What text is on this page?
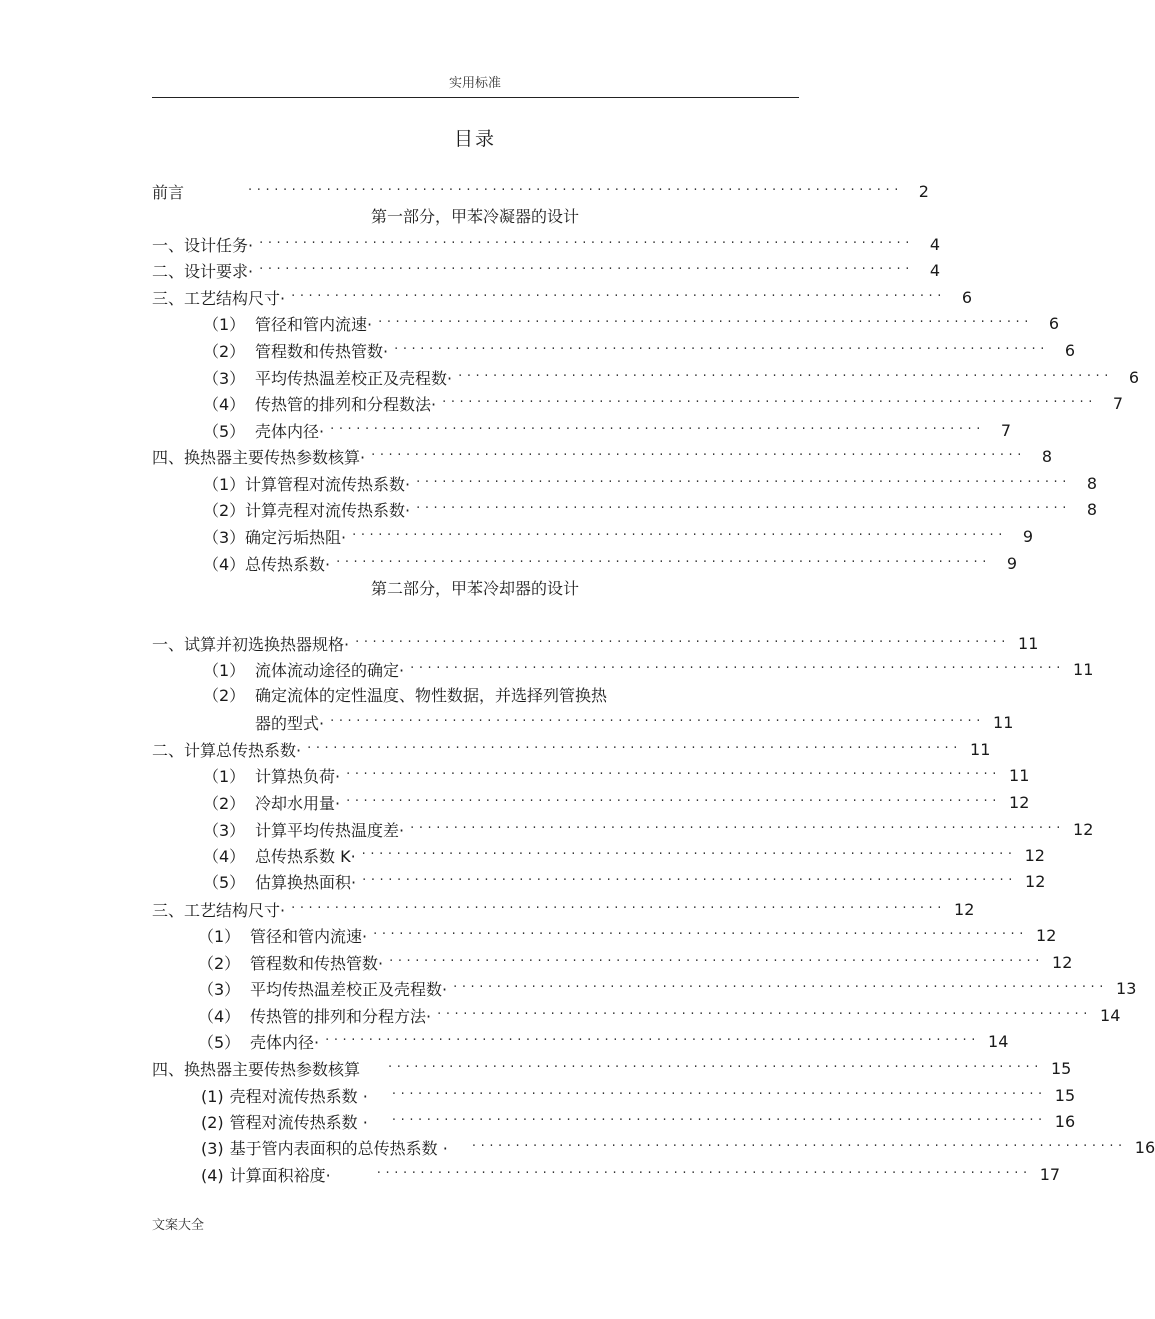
实用标准
目录
前言	··········································································· 2
第一部分，甲苯冷凝器的设计
一、设计任务· ··········································································· 4
二、设计要求· ··········································································· 4
三、工艺结构尺寸· ··········································································· 6
（1） 管径和管内流速· ··········································································· 6
（2） 管程数和传热管数· ··········································································· 6
（3） 平均传热温差校正及壳程数· ··········································································· 6
（4） 传热管的排列和分程数法· ··········································································· 7
（5） 壳体内径· ··········································································· 7
四、换热器主要传热参数核算· ··········································································· 8
（1）计算管程对流传热系数· ··········································································· 8
（2）计算壳程对流传热系数· ··········································································· 8
（3）确定污垢热阻· ··········································································· 9
（4）总传热系数· ··········································································· 9
第二部分，甲苯冷却器的设计
一、试算并初选换热器规格· ··········································································· 11
（1） 流体流动途径的确定· ··········································································· 11
（2） 确定流体的定性温度、物性数据，并选择列管换热
器的型式· ··········································································· 11
二、计算总传热系数· ··········································································· 11
（1） 计算热负荷· ··········································································· 11
（2） 冷却水用量· ··········································································· 12
（3） 计算平均传热温度差· ··········································································· 12
（4） 总传热系数 K· ··········································································· 12
（5） 估算换热面积· ··········································································· 12
三、工艺结构尺寸· ··········································································· 12
（1） 管径和管内流速· ··········································································· 12
（2） 管程数和传热管数· ··········································································· 12
（3） 平均传热温差校正及壳程数· ··········································································· 13
（4） 传热管的排列和分程方法· ··········································································· 14
（5） 壳体内径· ··········································································· 14
四、换热器主要传热参数核算 ··········································································· 15
(1) 壳程对流传热系数 ·	··········································································· 15
(2) 管程对流传热系数 ·	··········································································· 16
(3) 基于管内表面积的总传热系数 ·	··········································································· 16
(4) 计算面积裕度·	··········································································· 17
文案大全
